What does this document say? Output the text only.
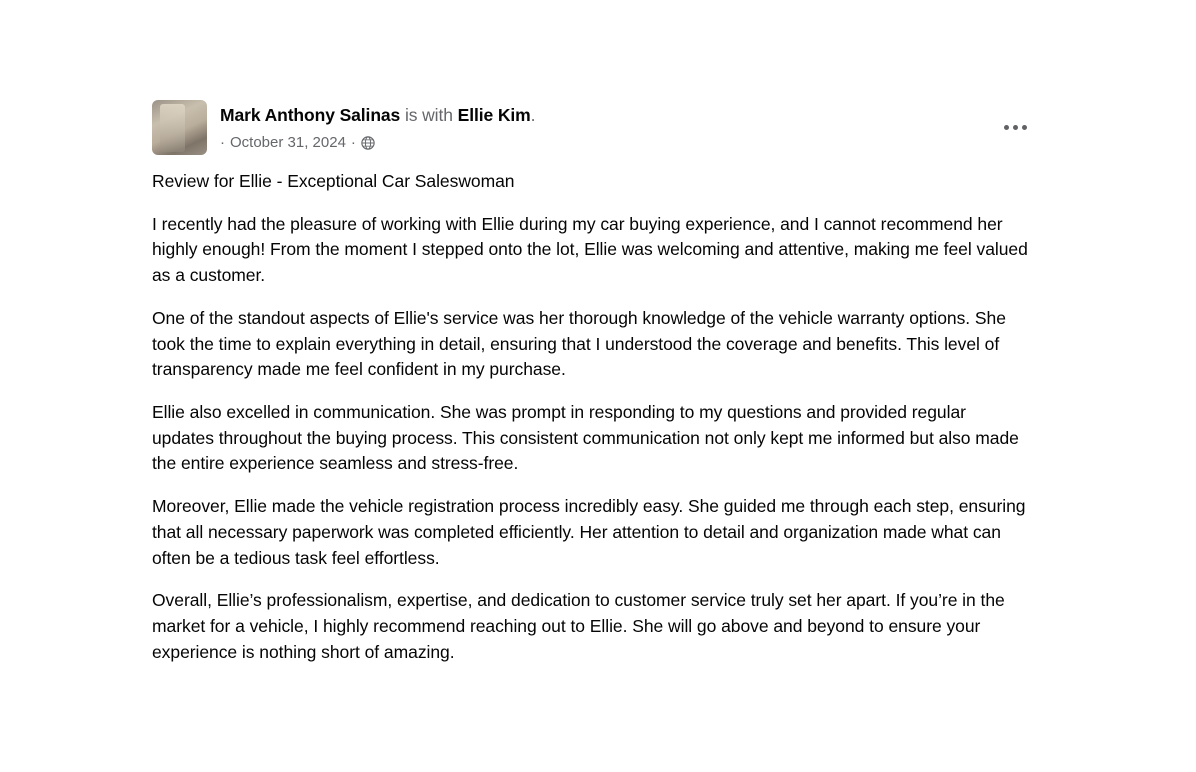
Mark Anthony Salinas is with Ellie Kim.
· October 31, 2024 ·

Review for Ellie - Exceptional Car Saleswoman

I recently had the pleasure of working with Ellie during my car buying experience, and I cannot recommend her highly enough! From the moment I stepped onto the lot, Ellie was welcoming and attentive, making me feel valued as a customer.

One of the standout aspects of Ellie's service was her thorough knowledge of the vehicle warranty options. She took the time to explain everything in detail, ensuring that I understood the coverage and benefits. This level of transparency made me feel confident in my purchase.

Ellie also excelled in communication. She was prompt in responding to my questions and provided regular updates throughout the buying process. This consistent communication not only kept me informed but also made the entire experience seamless and stress-free.

Moreover, Ellie made the vehicle registration process incredibly easy. She guided me through each step, ensuring that all necessary paperwork was completed efficiently. Her attention to detail and organization made what can often be a tedious task feel effortless.

Overall, Ellie’s professionalism, expertise, and dedication to customer service truly set her apart. If you’re in the market for a vehicle, I highly recommend reaching out to Ellie. She will go above and beyond to ensure your experience is nothing short of amazing.
